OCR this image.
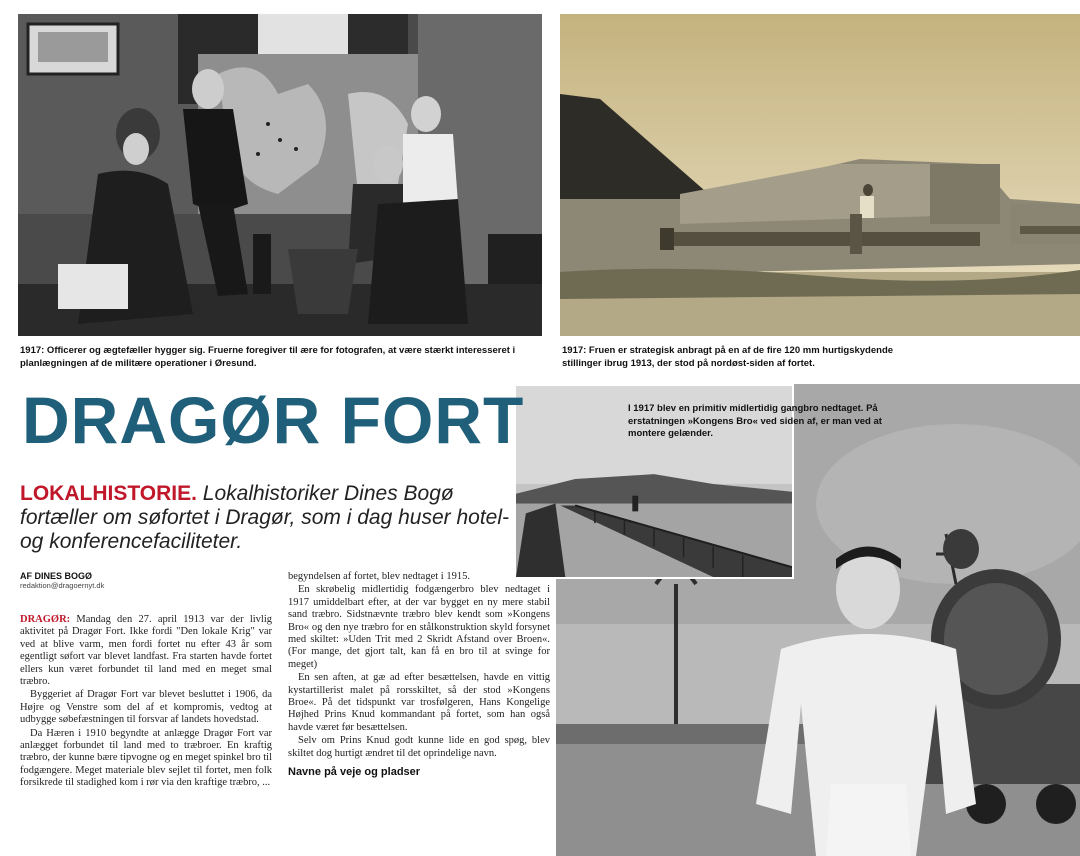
1917: Officerer og ægtefæller hygger sig. Fruerne foregiver til ære for fotografen, at være stærkt interesseret i planlægningen af de militære operationer i Øresund.
1917: Fruen er strategisk anbragt på en af de fire 120 mm hurtigskydende stillinger ibrug 1913, der stod på nordøst-siden af fortet.
I 1917 blev en primitiv midlertidig gangbro nedtaget. På erstatningen »Kongens Bro« ved siden af, er man ved at montere gelænder.
DRAGØR FORT
LOKALHISTORIE. Lokalhistoriker Dines Bogø fortæller om søfortet i Dragør, som i dag huser hotel- og konferencefaciliteter.
AF DINES BOGØ
redaktion@dragoernyt.dk

DRAGØR: Mandag den 27. april 1913 var der livlig aktivitet på Dragør Fort. Ikke fordi "Den lokale Krig" var ved at blive varm, men fordi fortet nu efter 43 år som egentligt søfort var blevet landfast. Fra starten havde fortet ellers kun været forbundet til land med en meget smal træbro.

Byggeriet af Dragør Fort var blevet besluttet i 1906, da Højre og Venstre som del af et kompromis, vedtog at udbygge søbefæstningen til forsvar af landets hovedstad.

Da Hæren i 1910 begyndte at anlægge Dragør Fort var anlægget forbundet til land med to træbroer. En kraftig træbro, der kunne bære tipvogne og en meget spinkel bro til fodgængere. Meget materiale blev sejlet til fortet, men folk forsikrede til stadighed kom i rør via den kraftige træbro, ...

begyndelsen af fortet, blev nedtaget i 1915.

En skrøbelig midlertidig fodgængerbro blev nedtaget i 1917 umiddelbart efter, at der var bygget en ny mere stabil sand træbro. Sidstnævnte træbro blev kendt som »Kongens Bro« og den nye træbro for en stålkonstruktion skyld forsynet med skiltet: »Uden Trit med 2 Skridt Afstand over Broen«. (For mange, det gjort talt, kan få en bro til at svinge for meget)

En sen aften, at gæ ad efter besættelsen, havde en vittig kystartillerist malet på rorsskiltet, så der stod »Kongens Broe«. På det tidspunkt var trosfølgeren, Hans Kongelige Højhed Prins Knud kommandant på fortet, som han også havde været før besættelsen.

Selv om Prins Knud godt kunne lide en god spøg, blev skiltet dog hurtigt ændret til det oprindelige navn.

Navne på veje og pladser
